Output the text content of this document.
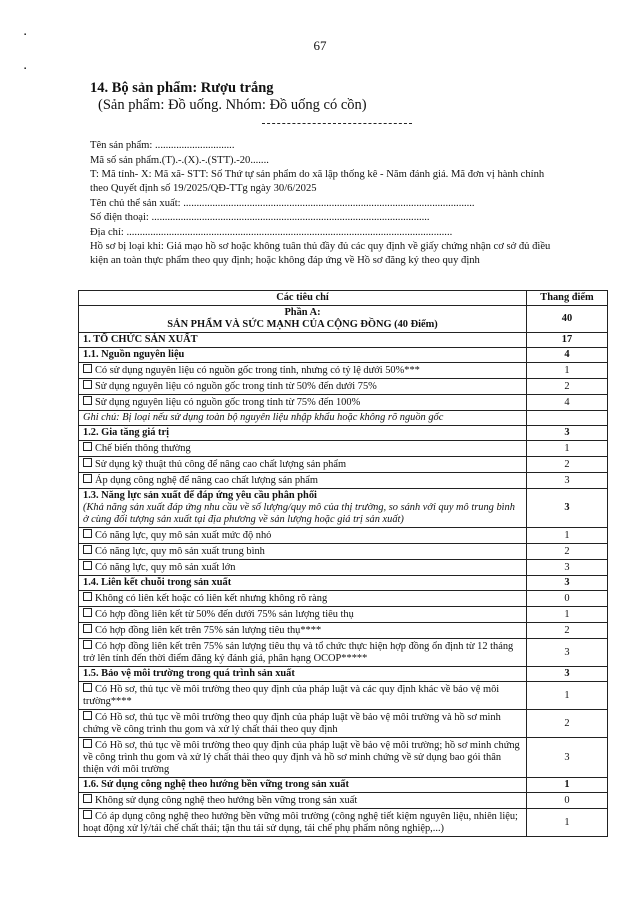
▪
▪
67
14. Bộ sản phẩm: Rượu trắng
(Sản phẩm: Đồ uống. Nhóm: Đồ uống có cồn)
Tên sản phẩm: ..............................
Mã số sản phẩm.(T).-.(X).-.(STT).-20.......
T: Mã tỉnh- X: Mã xã- STT: Số Thứ tự sản phẩm do xã lập thống kê - Năm đánh giá. Mã đơn vị hành chính theo Quyết định số 19/2025/QĐ-TTg ngày 30/6/2025
Tên chủ thể sản xuất: ..............................................................................................................
Số điện thoại: .........................................................................................................
Địa chỉ: ...........................................................................................................................
Hồ sơ bị loại khi: Giả mạo hồ sơ hoặc không tuân thủ đầy đủ các quy định về giấy chứng nhận cơ sở đủ điều kiện an toàn thực phẩm theo quy định; hoặc không đáp ứng về Hồ sơ đăng ký theo quy định
Các tiêu chí	Thang điểm

Phần A:
SẢN PHẨM VÀ SỨC MẠNH CỦA CỘNG ĐỒNG (40 Điểm)	40
1. TỔ CHỨC SẢN XUẤT	17
1.1. Nguồn nguyên liệu	4
Có sử dụng nguyên liệu có nguồn gốc trong tỉnh, nhưng có tỷ lệ dưới 50%***	1
Sử dụng nguyên liệu có nguồn gốc trong tỉnh từ 50% đến dưới 75%	2
Sử dụng nguyên liệu có nguồn gốc trong tỉnh từ 75% đến 100%	4
Ghi chú: Bị loại nếu sử dụng toàn bộ nguyên liệu nhập khẩu hoặc không rõ nguồn gốc	
1.2. Gia tăng giá trị	3
Chế biến thông thường	1
Sử dụng kỹ thuật thủ công để nâng cao chất lượng sản phẩm	2
Áp dụng công nghệ để nâng cao chất lượng sản phẩm	3

1.3. Năng lực sản xuất để đáp ứng yêu cầu phân phối
(Khả năng sản xuất đáp ứng nhu cầu về số lượng/quy mô của thị trường, so sánh với quy mô trung bình ở cùng đối tượng sản xuất tại địa phương về sản lượng hoặc giá trị sản xuất)	3
Có năng lực, quy mô sản xuất mức độ nhỏ	1
Có năng lực, quy mô sản xuất trung bình	2
Có năng lực, quy mô sản xuất lớn	3
1.4. Liên kết chuỗi trong sản xuất	3
Không có liên kết hoặc có liên kết nhưng không rõ ràng	0
Có hợp đồng liên kết từ 50% đến dưới 75% sản lượng tiêu thụ	1
Có hợp đồng liên kết trên 75% sản lượng tiêu thụ****	2
Có hợp đồng liên kết trên 75% sản lượng tiêu thụ và tổ chức thực hiện hợp đồng ổn định từ 12 tháng trở lên tính đến thời điểm đăng ký đánh giá, phân hạng OCOP*****	3
1.5. Bảo vệ môi trường trong quá trình sản xuất	3
Có Hồ sơ, thủ tục về môi trường theo quy định của pháp luật và các quy định khác về bảo vệ môi trường****	1
Có Hồ sơ, thủ tục về môi trường theo quy định của pháp luật về bảo vệ môi trường và hồ sơ minh chứng về công trình thu gom và xử lý chất thải theo quy định	2
Có Hồ sơ, thủ tục về môi trường theo quy định của pháp luật về bảo vệ môi trường; hồ sơ minh chứng về công trình thu gom và xử lý chất thải theo quy định và hồ sơ minh chứng về sử dụng bao gói thân thiện với môi trường	3
1.6. Sử dụng công nghệ theo hướng bền vững trong sản xuất	1
Không sử dụng công nghệ theo hướng bền vững trong sản xuất	0
Có áp dụng công nghệ theo hướng bền vững môi trường (công nghệ tiết kiệm nguyên liệu, nhiên liệu; hoạt động xử lý/tái chế chất thải; tận thu tái sử dụng, tái chế phụ phẩm nông nghiệp,...)	1
